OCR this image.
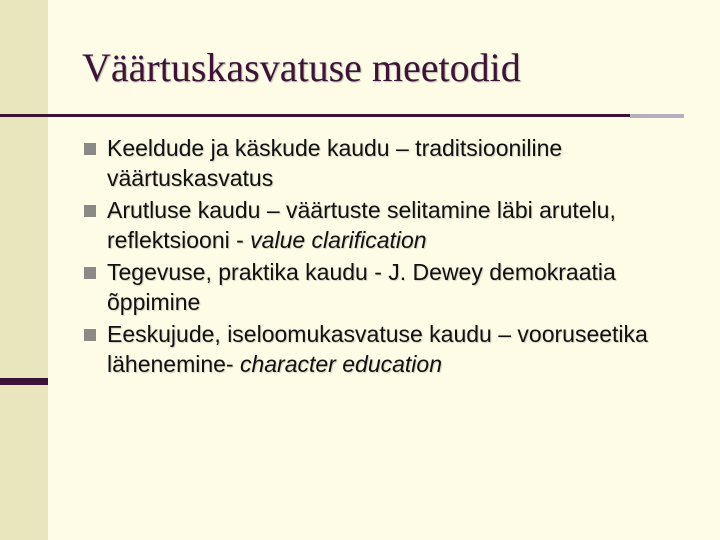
Väärtuskasvatuse meetodid
Keeldude ja käskude kaudu – traditsiooniline väärtuskasvatus
Arutluse kaudu – väärtuste selitamine läbi arutelu, reflektsiooni - value clarification
Tegevuse, praktika kaudu - J. Dewey demokraatia õppimine
Eeskujude, iseloomukasvatuse kaudu – vooruseetika lähenemine- character education
